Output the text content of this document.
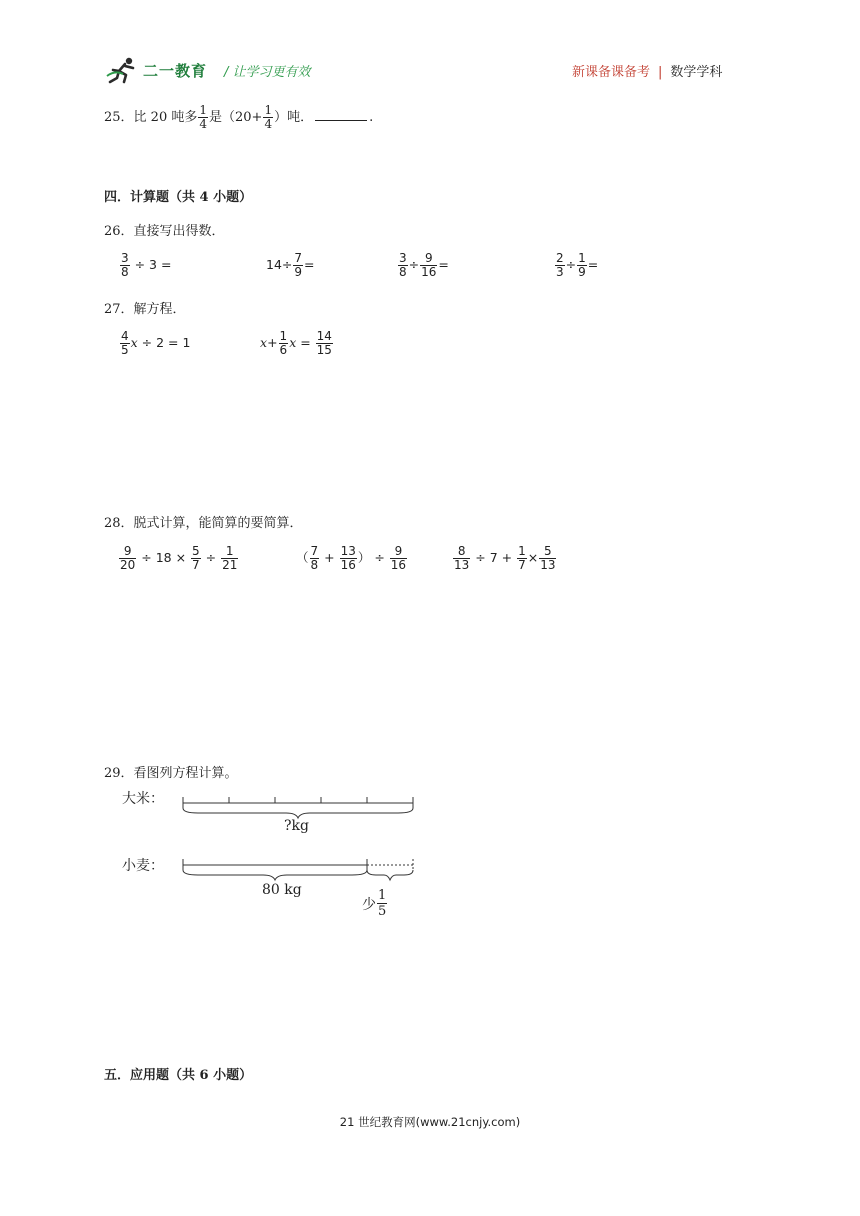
二一教育 / 让学习更有效	新课备课备考 | 数学学科
25．比 20 吨多 $\frac{1}{4}$ 是（$20+ \frac{1}{4}$ ）吨．	.
四．计算题（共 4 小题）
26．直接写出得数．
$\frac{3}{8} \div 3$ =	$14\div \frac{7}{9}$ =	$\frac{3}{8} \div \frac{9}{16}$ =	$\frac{2}{3} \div \frac{1}{9}$ =
27．解方程．
$\frac{4}{5}$ x ÷ 2 = 1	$x+ \frac{1}{6}$ $x = \frac{14}{15}$
28．脱式计算，能简算的要简算．
$\frac{9}{20} \div 18 \times \frac{5}{7} \div \frac{1}{21}$	（ $\frac{7}{8} + \frac{13}{16}$ ） ÷ $\frac{9}{16}$	$\frac{8}{13} \div 7 + \frac{1}{7} \times \frac{5}{13}$
29．看图列方程计算。
大米：
小麦：
?kg
80 kg
少 $\frac{1}{5}$
五．应用题（共 6 小题）
21 世纪教育网(www.21cnjy.com)
